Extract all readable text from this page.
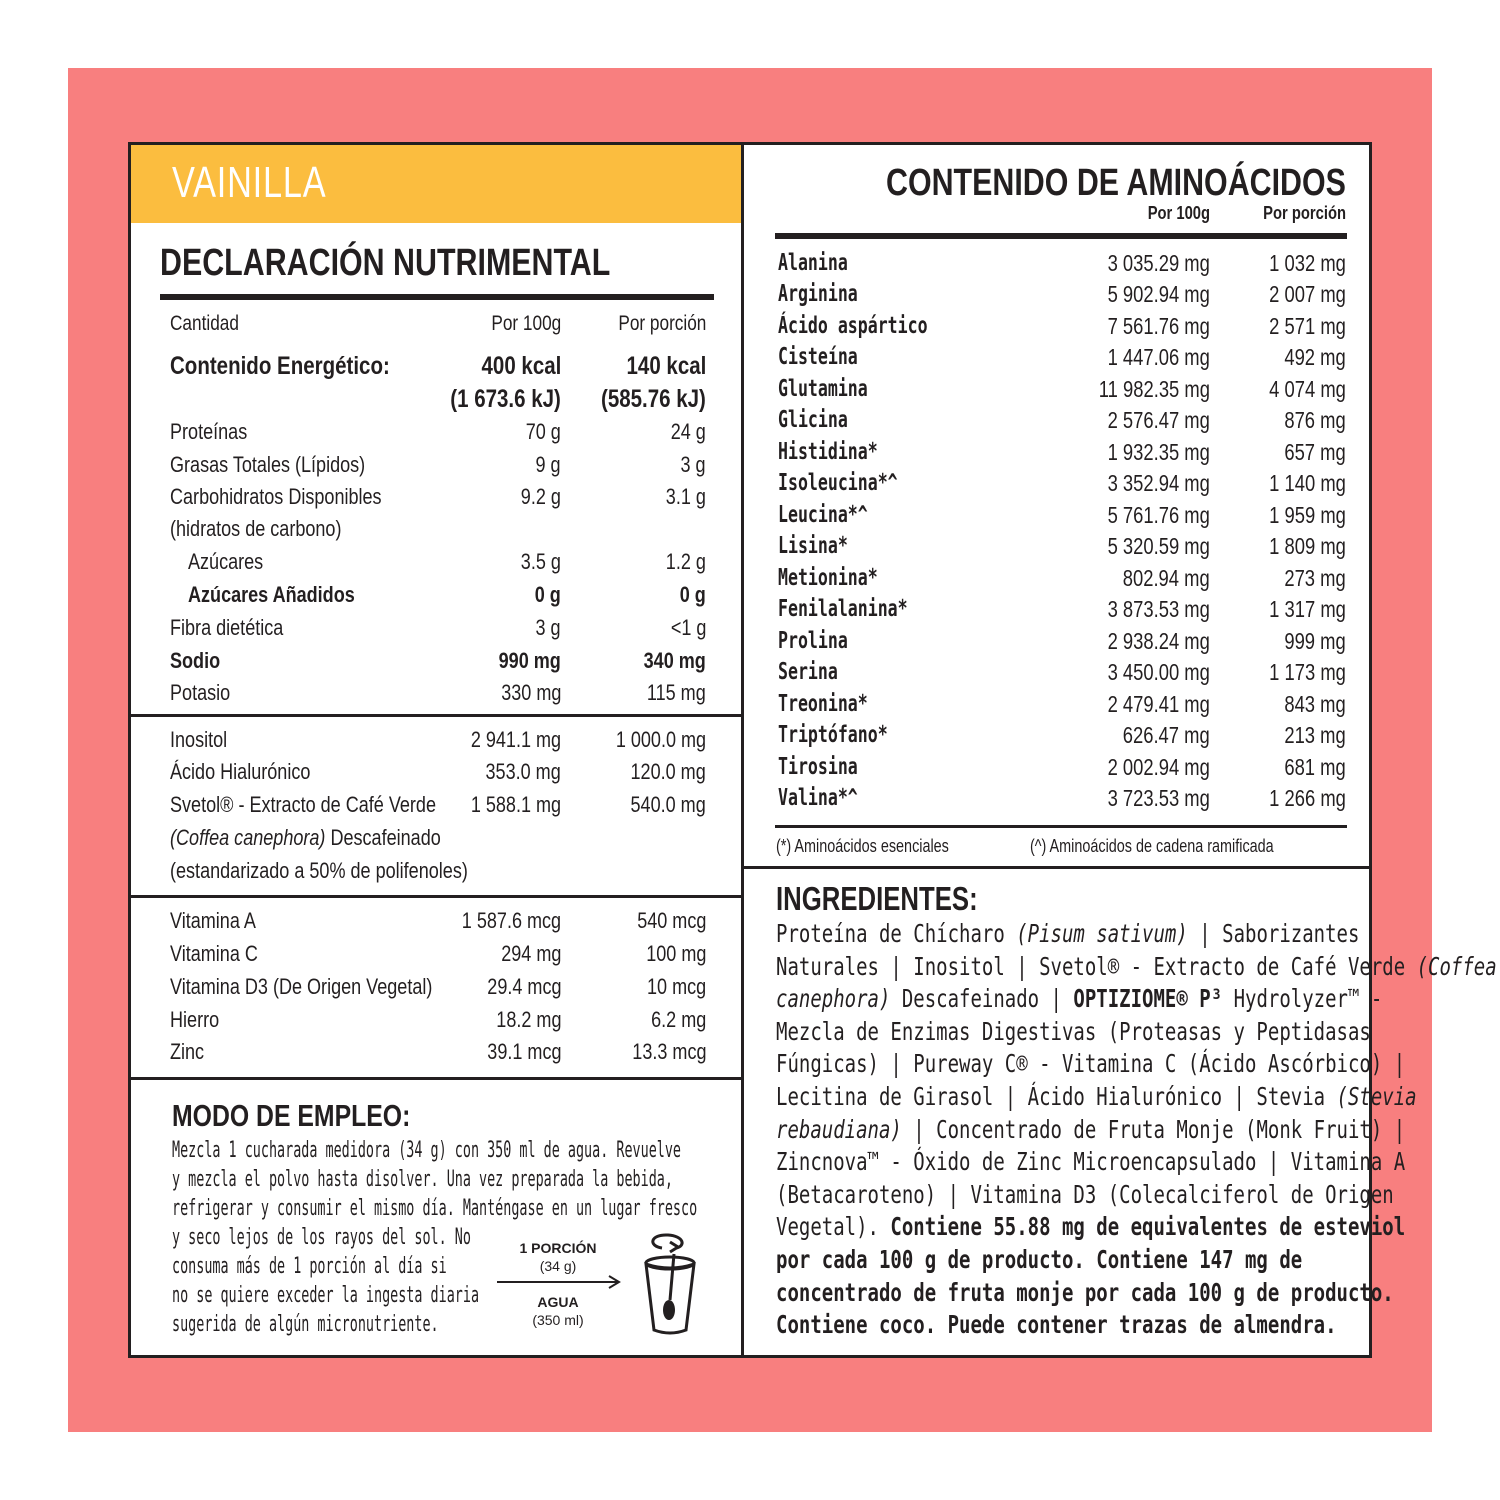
VAINILLA
DECLARACIÓN NUTRIMENTAL
Cantidad	Por 100g	Por porción
Contenido Energético:	400 kcal	140 kcal
(1 673.6 kJ) (585.76 kJ)
Proteínas	70 g	24 g
Grasas Totales (Lípidos)	9 g	3 g
Carbohidratos Disponibles	9.2 g	3.1 g
(hidratos de carbono)
Azúcares	3.5 g	1.2 g
Azúcares Añadidos	0 g	0 g
Fibra dietética	3 g	<1 g
Sodio	990 mg	340 mg
Potasio	330 mg	115 mg
Inositol	2 941.1 mg 1 000.0 mg
Ácido Hialurónico	353.0 mg	120.0 mg
Svetol® - Extracto de Café Verde 1 588.1 mg	540.0 mg
(Coffea canephora) Descafeinado
(estandarizado a 50% de polifenoles)
Vitamina A	1 587.6 mcg	540 mcg
Vitamina C	294 mg	100 mg
Vitamina D3 (De Origen Vegetal) 29.4 mcg	10 mcg
Hierro	18.2 mg	6.2 mg
Zinc	39.1 mcg	13.3 mcg
MODO DE EMPLEO:
Mezcla 1 cucharada medidora (34 g) con 350 ml de agua. Revuelve
y mezcla el polvo hasta disolver. Una vez preparada la bebida,
refrigerar y consumir el mismo día. Manténgase en un lugar fresco
y seco lejos de los rayos del sol. No
consuma más de 1 porción al día si
no se quiere exceder la ingesta diaria
sugerida de algún micronutriente.
1 PORCIÓN
(34 g)
AGUA
(350 ml)
CONTENIDO DE AMINOÁCIDOS
Por 100g	Por porción
Alanina	3 035.29 mg	1 032 mg
Arginina	5 902.94 mg	2 007 mg
Ácido aspártico	7 561.76 mg	2 571 mg
Cisteína	1 447.06 mg	492 mg
Glutamina	11 982.35 mg	4 074 mg
Glicina	2 576.47 mg	876 mg
Histidina*	1 932.35 mg	657 mg
Isoleucina*^	3 352.94 mg	1 140 mg
Leucina*^	5 761.76 mg	1 959 mg
Lisina*	5 320.59 mg	1 809 mg
Metionina*	802.94 mg	273 mg
Fenilalanina*	3 873.53 mg	1 317 mg
Prolina	2 938.24 mg	999 mg
Serina	3 450.00 mg	1 173 mg
Treonina*	2 479.41 mg	843 mg
Triptófano*	626.47 mg	213 mg
Tirosina	2 002.94 mg	681 mg
Valina*^	3 723.53 mg	1 266 mg
(*) Aminoácidos esenciales	(^) Aminoácidos de cadena ramificada
INGREDIENTES:
Proteína de Chícharo (Pisum sativum) | Saborizantes
Naturales | Inositol | Svetol® - Extracto de Café Verde (Coffea
canephora) Descafeinado | OPTIZIOME® P³ Hydrolyzer™ -
Mezcla de Enzimas Digestivas (Proteasas y Peptidasas
Fúngicas) | Pureway C® - Vitamina C (Ácido Ascórbico) |
Lecitina de Girasol | Ácido Hialurónico | Stevia (Stevia
rebaudiana) | Concentrado de Fruta Monje (Monk Fruit) |
Zincnova™ - Óxido de Zinc Microencapsulado | Vitamina A
(Betacaroteno) | Vitamina D3 (Colecalciferol de Origen
Vegetal). Contiene 55.88 mg de equivalentes de esteviol
por cada 100 g de producto. Contiene 147 mg de
concentrado de fruta monje por cada 100 g de producto.
Contiene coco. Puede contener trazas de almendra.
